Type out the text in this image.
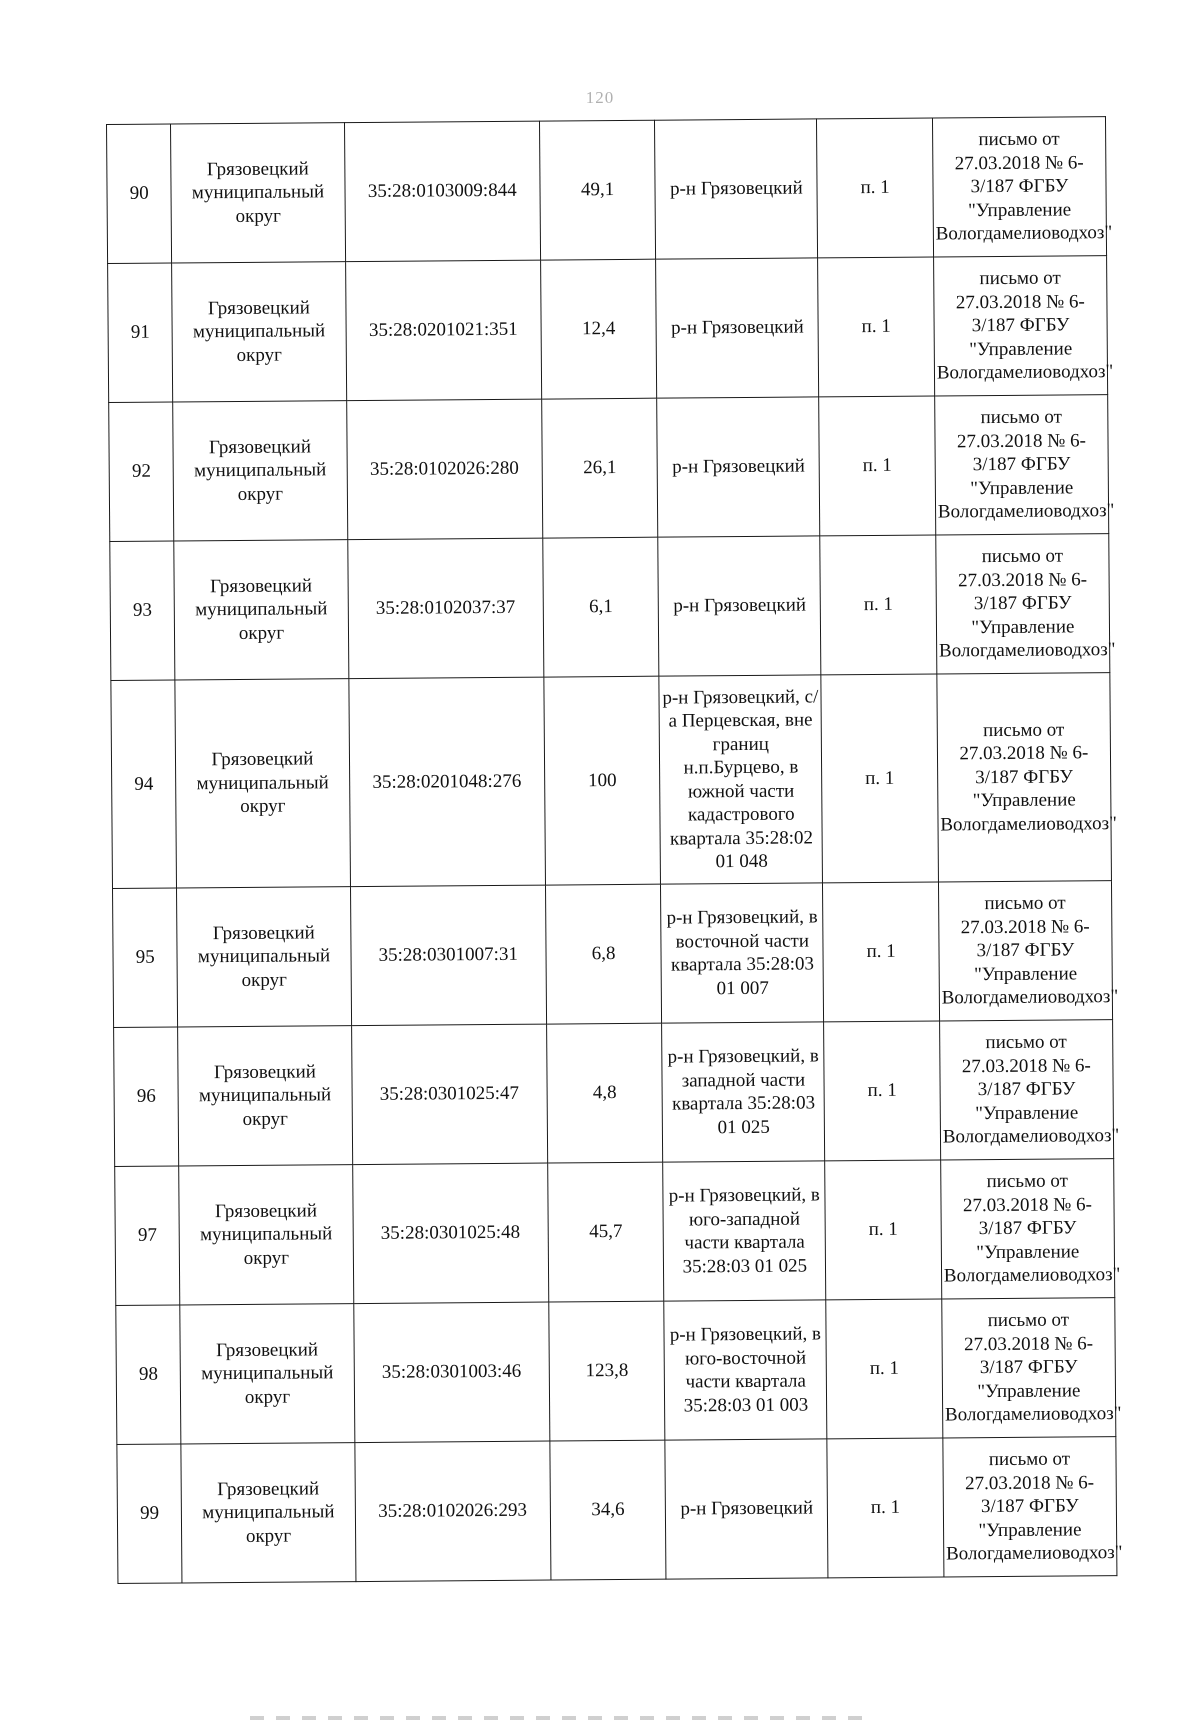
120
90	Грязовецкий муниципальный округ	35:28:0103009:844	49,1	р-н Грязовецкий	п. 1	письмо от 27.03.2018 № 6-3/187 ФГБУ "Управление Вологдамелиоводхоз"
91	Грязовецкий муниципальный округ	35:28:0201021:351	12,4	р-н Грязовецкий	п. 1	письмо от 27.03.2018 № 6-3/187 ФГБУ "Управление Вологдамелиоводхоз"
92	Грязовецкий муниципальный округ	35:28:0102026:280	26,1	р-н Грязовецкий	п. 1	письмо от 27.03.2018 № 6-3/187 ФГБУ "Управление Вологдамелиоводхоз"
93	Грязовецкий муниципальный округ	35:28:0102037:37	6,1	р-н Грязовецкий	п. 1	письмо от 27.03.2018 № 6-3/187 ФГБУ "Управление Вологдамелиоводхоз"
94	Грязовецкий муниципальный округ	35:28:0201048:276	100	р-н Грязовецкий, с/а Перцевская, вне границ н.п.Бурцево, в южной части кадастрового квартала 35:28:02 01 048	п. 1	письмо от 27.03.2018 № 6-3/187 ФГБУ "Управление Вологдамелиоводхоз"
95	Грязовецкий муниципальный округ	35:28:0301007:31	6,8	р-н Грязовецкий, в восточной части квартала 35:28:03 01 007	п. 1	письмо от 27.03.2018 № 6-3/187 ФГБУ "Управление Вологдамелиоводхоз"
96	Грязовецкий муниципальный округ	35:28:0301025:47	4,8	р-н Грязовецкий, в западной части квартала 35:28:03 01 025	п. 1	письмо от 27.03.2018 № 6-3/187 ФГБУ "Управление Вологдамелиоводхоз"
97	Грязовецкий муниципальный округ	35:28:0301025:48	45,7	р-н Грязовецкий, в юго-западной части квартала 35:28:03 01 025	п. 1	письмо от 27.03.2018 № 6-3/187 ФГБУ "Управление Вологдамелиоводхоз"
98	Грязовецкий муниципальный округ	35:28:0301003:46	123,8	р-н Грязовецкий, в юго-восточной части квартала 35:28:03 01 003	п. 1	письмо от 27.03.2018 № 6-3/187 ФГБУ "Управление Вологдамелиоводхоз"
99	Грязовецкий муниципальный округ	35:28:0102026:293	34,6	р-н Грязовецкий	п. 1	письмо от 27.03.2018 № 6-3/187 ФГБУ "Управление Вологдамелиоводхоз"
